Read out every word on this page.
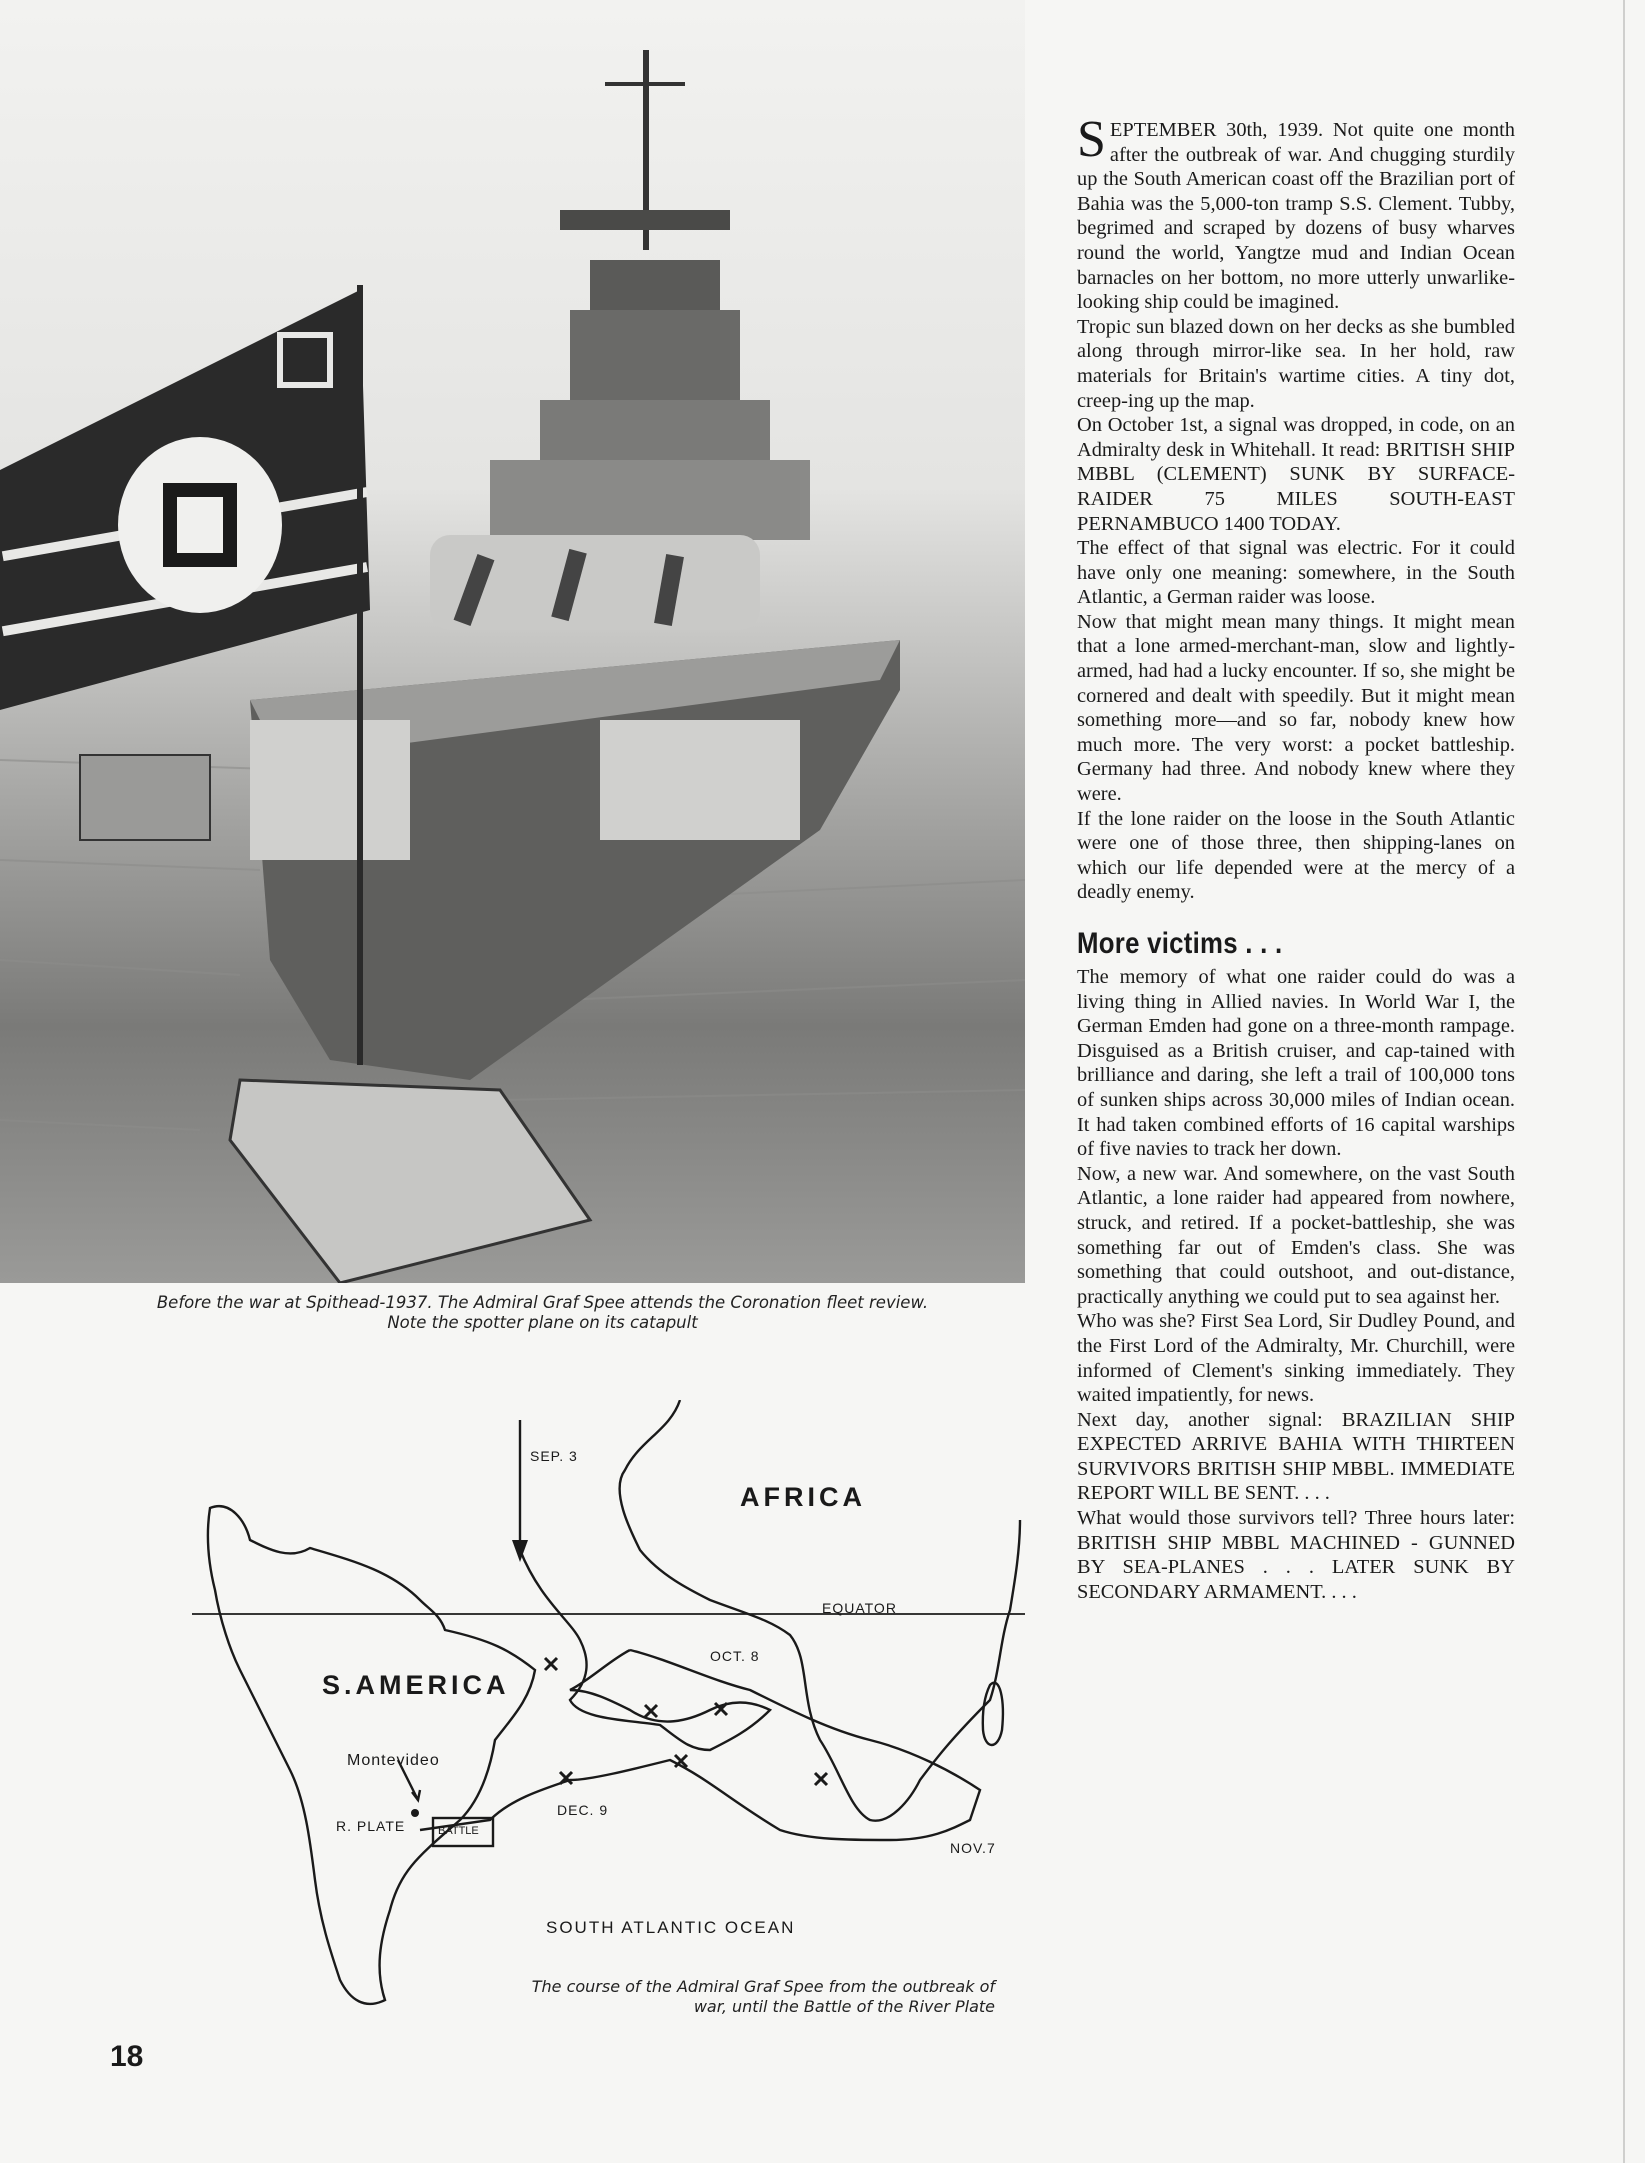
Before the war at Spithead-1937. The Admiral Graf Spee attends the Coronation fleet review. Note the spotter plane on its catapult
AFRICA
S.AMERICA
EQUATOR
SEP. 3
OCT. 8
NOV.7
DEC. 9
Montevideo
R. PLATE	BATTLE
SOUTH ATLANTIC OCEAN
The course of the Admiral Graf Spee from the outbreak of war, until the Battle of the River Plate
18

SEPTEMBER 30th, 1939. Not quite one month after the outbreak of war. And chugging sturdily up the South American coast off the Brazilian port of Bahia was the 5,000-ton tramp S.S. Clement. Tubby, begrimed and scraped by dozens of busy wharves round the world, Yangtze mud and Indian Ocean barnacles on her bottom, no more utterly unwarlike-looking ship could be imagined.

Tropic sun blazed down on her decks as she bumbled along through mirror-like sea. In her hold, raw materials for Britain's wartime cities. A tiny dot, creep-ing up the map.

On October 1st, a signal was dropped, in code, on an Admiralty desk in Whitehall. It read: BRITISH SHIP MBBL (CLEMENT) SUNK BY SURFACE-RAIDER 75 MILES SOUTH-EAST PERNAMBUCO 1400 TODAY.

The effect of that signal was electric. For it could have only one meaning: somewhere, in the South Atlantic, a German raider was loose.

Now that might mean many things. It might mean that a lone armed-merchant-man, slow and lightly-armed, had had a lucky encounter. If so, she might be cornered and dealt with speedily. But it might mean something more—and so far, nobody knew how much more. The very worst: a pocket battleship. Germany had three. And nobody knew where they were.

If the lone raider on the loose in the South Atlantic were one of those three, then shipping-lanes on which our life depended were at the mercy of a deadly enemy.

More victims . . .

The memory of what one raider could do was a living thing in Allied navies. In World War I, the German Emden had gone on a three-month rampage. Disguised as a British cruiser, and cap-tained with brilliance and daring, she left a trail of 100,000 tons of sunken ships across 30,000 miles of Indian ocean. It had taken combined efforts of 16 capital warships of five navies to track her down.

Now, a new war. And somewhere, on the vast South Atlantic, a lone raider had appeared from nowhere, struck, and retired. If a pocket-battleship, she was something far out of Emden's class. She was something that could outshoot, and out-distance, practically anything we could put to sea against her.

Who was she? First Sea Lord, Sir Dudley Pound, and the First Lord of the Admiralty, Mr. Churchill, were informed of Clement's sinking immediately. They waited impatiently, for news.

Next day, another signal: BRAZILIAN SHIP EXPECTED ARRIVE BAHIA WITH THIRTEEN SURVIVORS BRITISH SHIP MBBL. IMMEDIATE REPORT WILL BE SENT. . . .

What would those survivors tell? Three hours later: BRITISH SHIP MBBL MACHINED - GUNNED BY SEA-PLANES . . . LATER SUNK BY SECONDARY ARMAMENT. . . .
